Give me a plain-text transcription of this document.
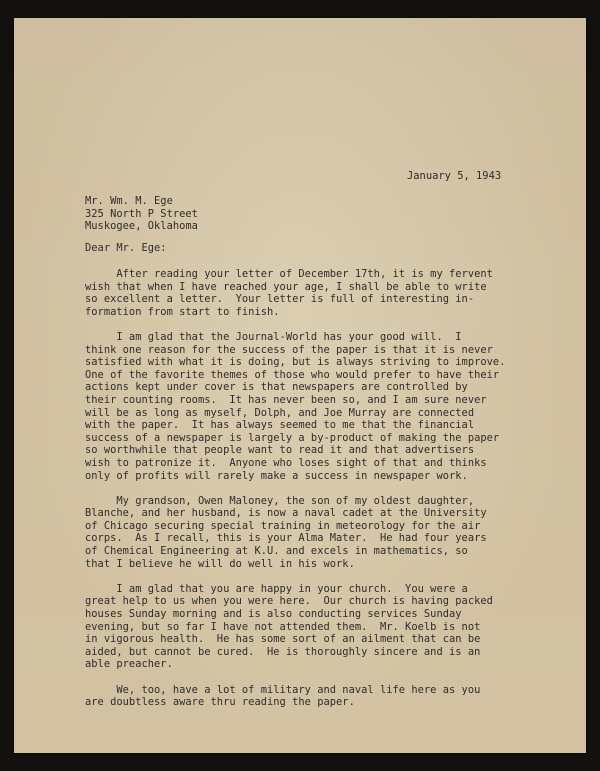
January 5, 1943
Mr. Wm. M. Ege
325 North P Street
Muskogee, Oklahoma
Dear Mr. Ege:
After reading your letter of December 17th, it is my fervent
wish that when I have reached your age, I shall be able to write
so excellent a letter.  Your letter is full of interesting in-
formation from start to finish.
I am glad that the Journal-World has your good will.  I
think one reason for the success of the paper is that it is never
satisfied with what it is doing, but is always striving to improve.
One of the favorite themes of those who would prefer to have their
actions kept under cover is that newspapers are controlled by
their counting rooms.  It has never been so, and I am sure never
will be as long as myself, Dolph, and Joe Murray are connected
with the paper.  It has always seemed to me that the financial
success of a newspaper is largely a by-product of making the paper
so worthwhile that people want to read it and that advertisers
wish to patronize it.  Anyone who loses sight of that and thinks
only of profits will rarely make a success in newspaper work.
My grandson, Owen Maloney, the son of my oldest daughter,
Blanche, and her husband, is now a naval cadet at the University
of Chicago securing special training in meteorology for the air
corps.  As I recall, this is your Alma Mater.  He had four years
of Chemical Engineering at K.U. and excels in mathematics, so
that I believe he will do well in his work.
I am glad that you are happy in your church.  You were a
great help to us when you were here.  Our church is having packed
houses Sunday morning and is also conducting services Sunday
evening, but so far I have not attended them.  Mr. Koelb is not
in vigorous health.  He has some sort of an ailment that can be
aided, but cannot be cured.  He is thoroughly sincere and is an
able preacher.
We, too, have a lot of military and naval life here as you
are doubtless aware thru reading the paper.
